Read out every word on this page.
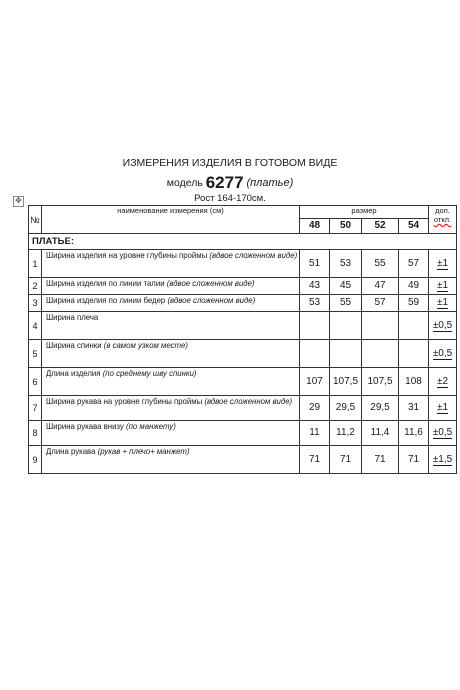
ИЗМЕРЕНИЯ ИЗДЕЛИЯ В ГОТОВОМ ВИДЕ
модель 6277 (платье)
Рост 164-170см.
✥
№	наименование измерения (см)	размер				доп.
откл.
		48	50	52	54	
ПЛАТЬЕ:						
1	Ширина изделия на уровне глубины проймы (вдвое сложенном виде)	51	53	55	57	±1
2	Ширина изделия по линии талии (вдвое сложенном виде)	43	45	47	49	±1
3	Ширина изделия по линии бедер (вдвое сложенном виде)	53	55	57	59	±1
4	Ширина плеча					±0,5
5	Ширина спинки (в самом узком месте)					±0,5
6	Длина изделия (по среднему шву спинки)	107	107,5	107,5	108	±2
7	Ширина рукава на уровне глубины проймы (вдвое сложенном виде)	29	29,5	29,5	31	±1
8	Ширина рукава внизу (по манжету)	11	11,2	11,4	11,6	±0,5
9	Длина рукава (рукав + плечо+ манжет)	71	71	71	71	±1,5
